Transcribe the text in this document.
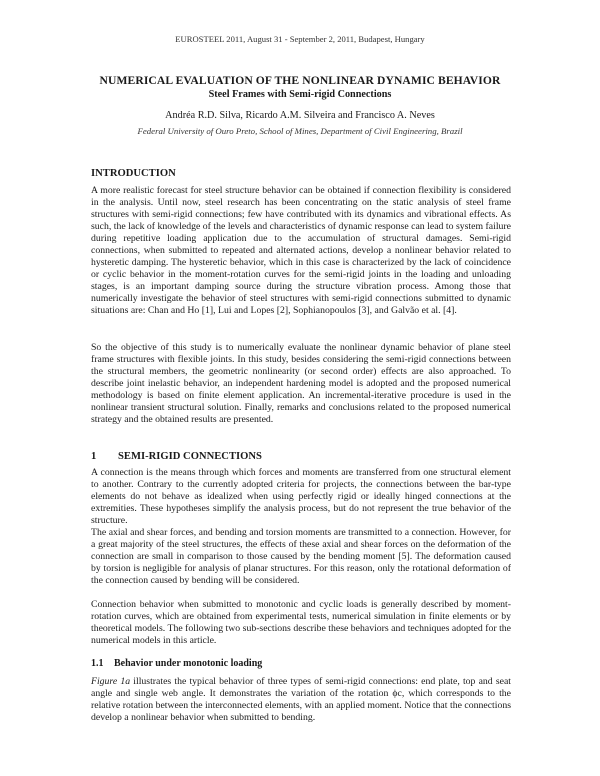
EUROSTEEL 2011, August 31 - September 2, 2011, Budapest, Hungary
NUMERICAL EVALUATION OF THE NONLINEAR DYNAMIC BEHAVIOR
Steel Frames with Semi-rigid Connections
Andréa R.D. Silva, Ricardo A.M. Silveira and Francisco A. Neves
Federal University of Ouro Preto, School of Mines, Department of Civil Engineering, Brazil
INTRODUCTION

A more realistic forecast for steel structure behavior can be obtained if connection flexibility is considered in the analysis. Until now, steel research has been concentrating on the static analysis of steel frame structures with semi-rigid connections; few have contributed with its dynamics and vibrational effects. As such, the lack of knowledge of the levels and characteristics of dynamic response can lead to system failure during repetitive loading application due to the accumulation of structural damages. Semi-rigid connections, when submitted to repeated and alternated actions, develop a nonlinear behavior related to hysteretic damping. The hysteretic behavior, which in this case is characterized by the lack of coincidence or cyclic behavior in the moment-rotation curves for the semi-rigid joints in the loading and unloading stages, is an important damping source during the structure vibration process. Among those that numerically investigate the behavior of steel structures with semi-rigid connections submitted to dynamic situations are: Chan and Ho [1], Lui and Lopes [2], Sophianopoulos [3], and Galvão et al. [4].

So the objective of this study is to numerically evaluate the nonlinear dynamic behavior of plane steel frame structures with flexible joints. In this study, besides considering the semi-rigid connections between the structural members, the geometric nonlinearity (or second order) effects are also approached. To describe joint inelastic behavior, an independent hardening model is adopted and the proposed numerical methodology is based on finite element application. An incremental-iterative procedure is used in the nonlinear transient structural solution. Finally, remarks and conclusions related to the proposed numerical strategy and the obtained results are presented.

1 SEMI-RIGID CONNECTIONS

A connection is the means through which forces and moments are transferred from one structural element to another. Contrary to the currently adopted criteria for projects, the connections between the bar-type elements do not behave as idealized when using perfectly rigid or ideally hinged connections at the extremities. These hypotheses simplify the analysis process, but do not represent the true behavior of the structure.

The axial and shear forces, and bending and torsion moments are transmitted to a connection. However, for a great majority of the steel structures, the effects of these axial and shear forces on the deformation of the connection are small in comparison to those caused by the bending moment [5]. The deformation caused by torsion is negligible for analysis of planar structures. For this reason, only the rotational deformation of the connection caused by bending will be considered.

Connection behavior when submitted to monotonic and cyclic loads is generally described by moment-rotation curves, which are obtained from experimental tests, numerical simulation in finite elements or by theoretical models. The following two sub-sections describe these behaviors and techniques adopted for the numerical models in this article.

1.1 Behavior under monotonic loading

Figure 1a illustrates the typical behavior of three types of semi-rigid connections: end plate, top and seat angle and single web angle. It demonstrates the variation of the rotation ϕc, which corresponds to the relative rotation between the interconnected elements, with an applied moment. Notice that the connections develop a nonlinear behavior when submitted to bending.
